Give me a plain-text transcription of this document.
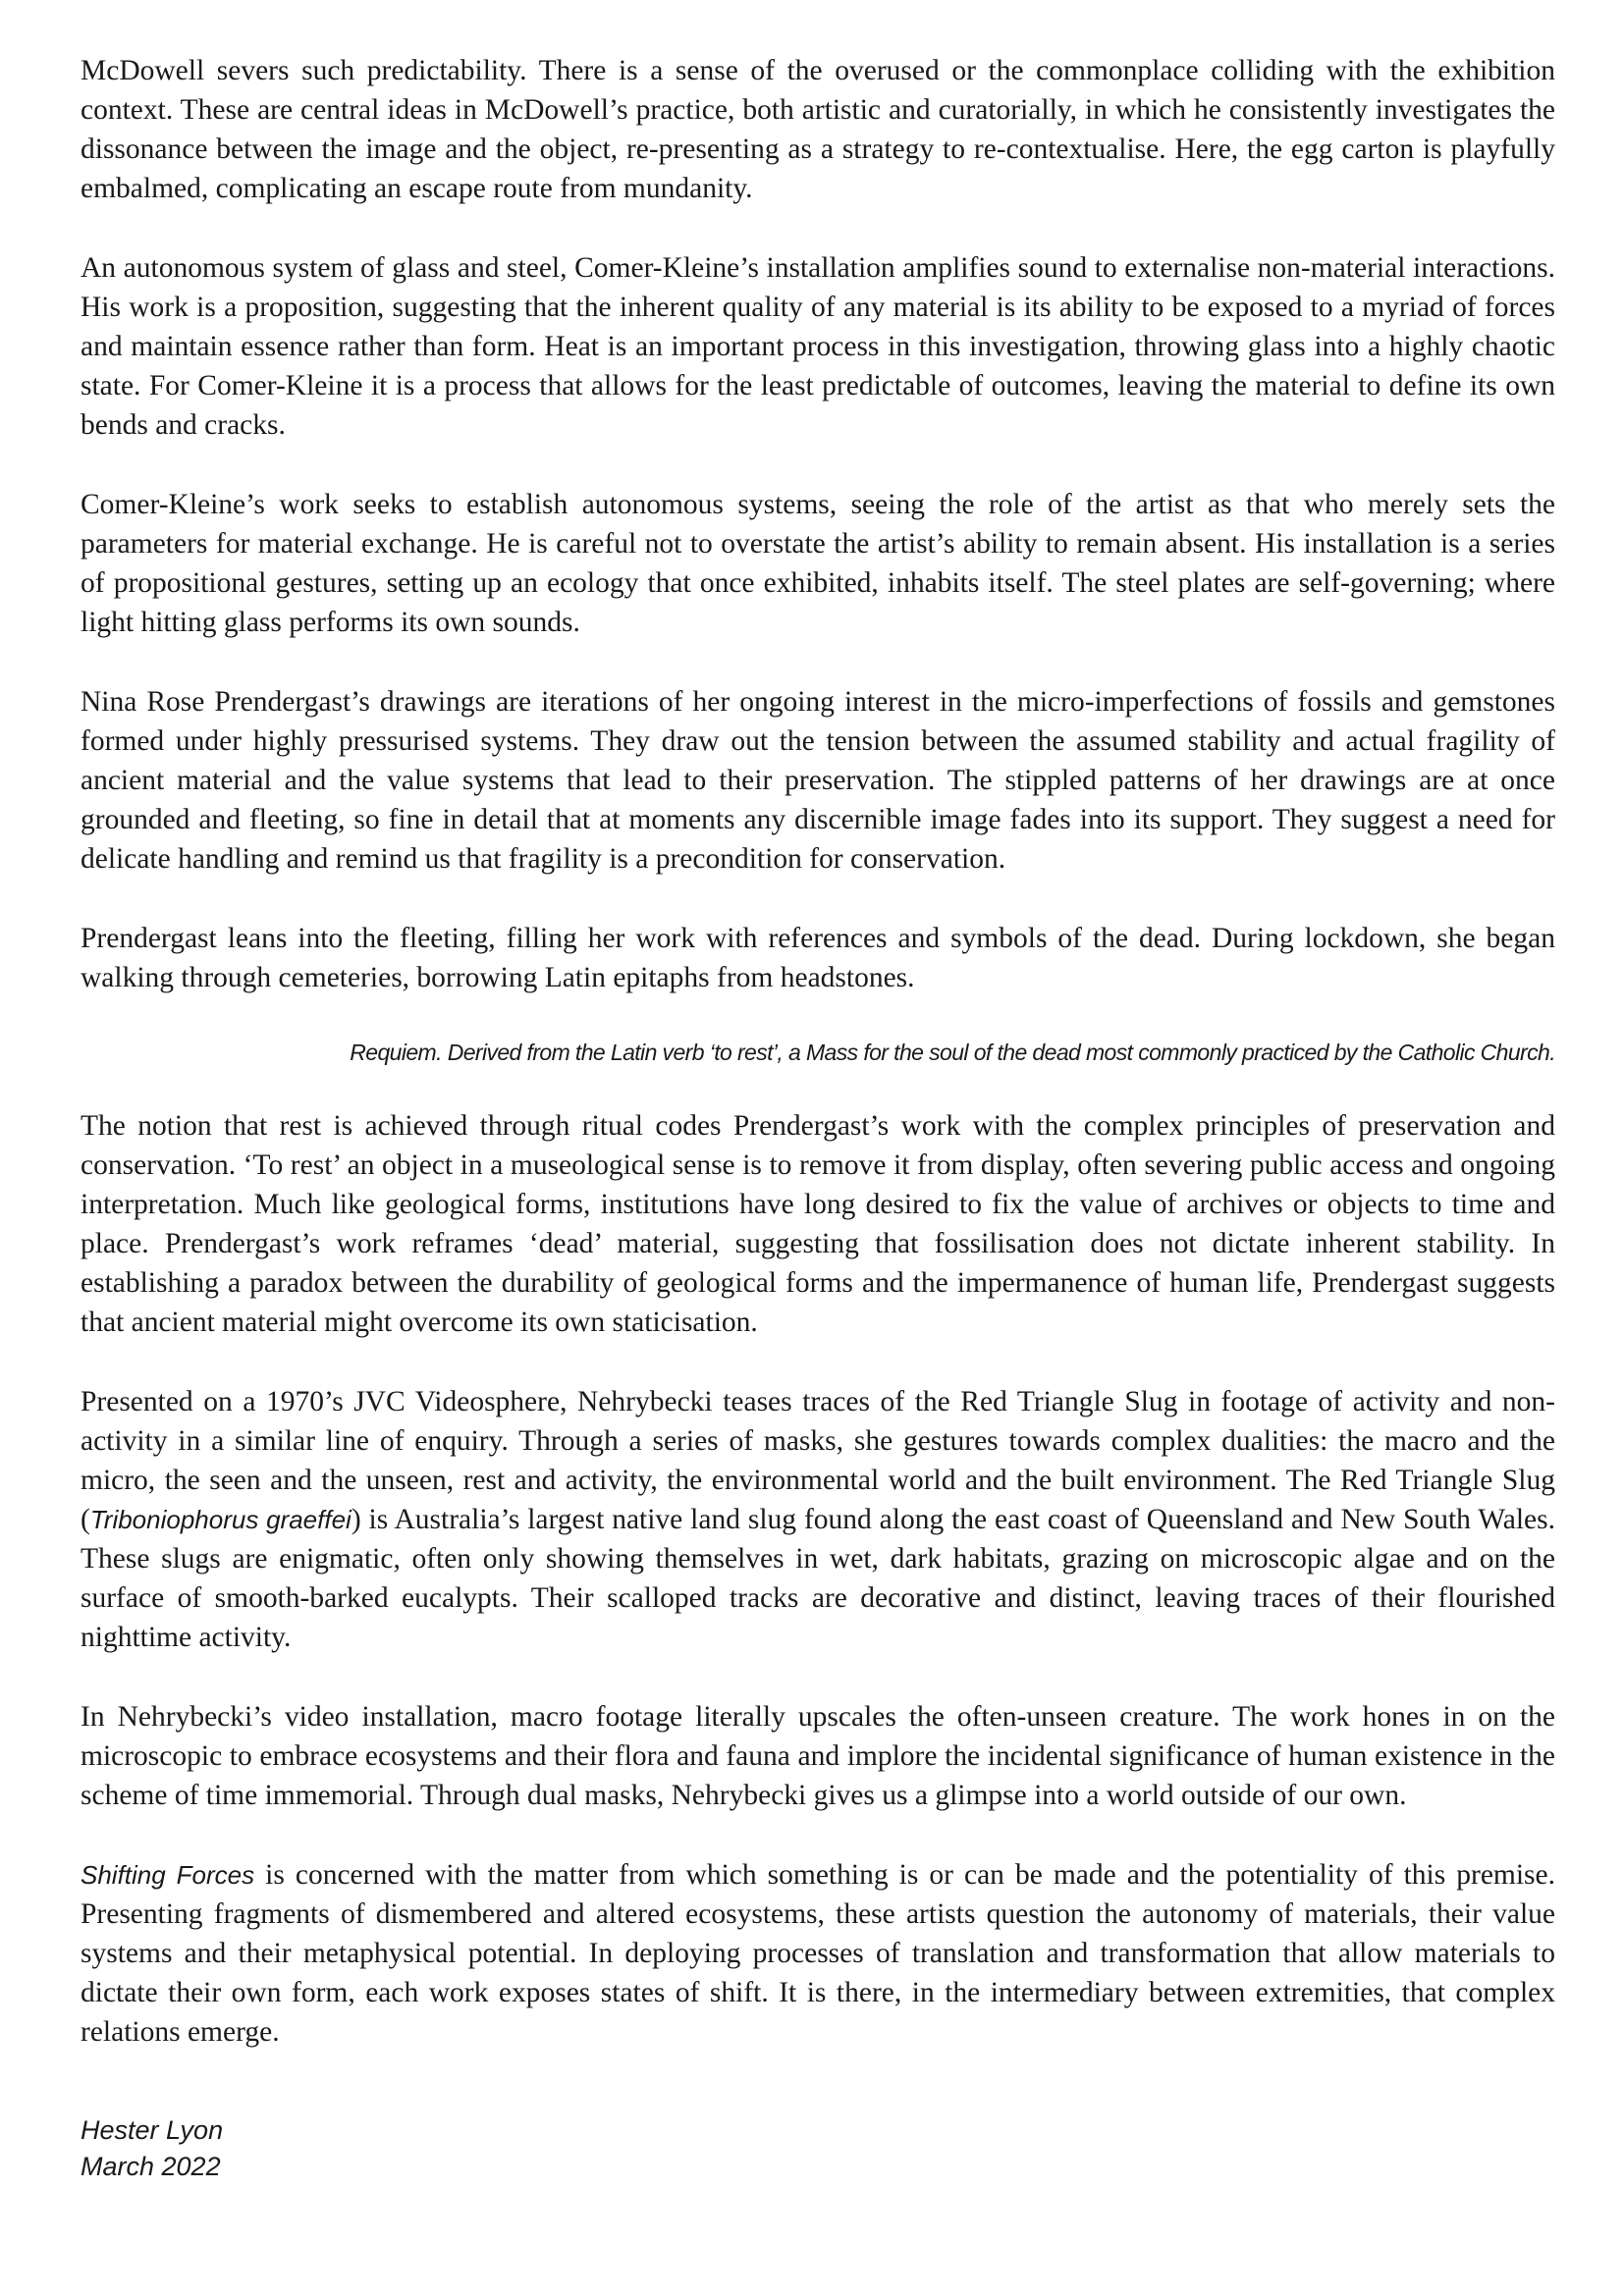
McDowell severs such predictability. There is a sense of the overused or the commonplace colliding with the exhibition context. These are central ideas in McDowell’s practice, both artistic and curatorially, in which he consistently investigates the dissonance between the image and the object, re-presenting as a strategy to re-contextualise. Here, the egg carton is playfully embalmed, complicating an escape route from mundanity.

An autonomous system of glass and steel, Comer-Kleine’s installation amplifies sound to externalise non-material interactions. His work is a proposition, suggesting that the inherent quality of any material is its ability to be exposed to a myriad of forces and maintain essence rather than form. Heat is an important process in this investigation, throwing glass into a highly chaotic state. For Comer-Kleine it is a process that allows for the least predictable of outcomes, leaving the material to define its own bends and cracks.

Comer-Kleine’s work seeks to establish autonomous systems, seeing the role of the artist as that who merely sets the parameters for material exchange. He is careful not to overstate the artist’s ability to remain absent. His installation is a series of propositional gestures, setting up an ecology that once exhibited, inhabits itself. The steel plates are self-governing; where light hitting glass performs its own sounds.

Nina Rose Prendergast’s drawings are iterations of her ongoing interest in the micro-imperfections of fossils and gemstones formed under highly pressurised systems. They draw out the tension between the assumed stability and actual fragility of ancient material and the value systems that lead to their preservation. The stippled patterns of her drawings are at once grounded and fleeting, so fine in detail that at moments any discernible image fades into its support. They suggest a need for delicate handling and remind us that fragility is a precondition for conservation.

Prendergast leans into the fleeting, filling her work with references and symbols of the dead. During lockdown, she began walking through cemeteries, borrowing Latin epitaphs from headstones.

Requiem. Derived from the Latin verb ‘to rest’, a Mass for the soul of the dead most commonly practiced by the Catholic Church.

The notion that rest is achieved through ritual codes Prendergast’s work with the complex principles of preservation and conservation. ‘To rest’ an object in a museological sense is to remove it from display, often severing public access and ongoing interpretation. Much like geological forms, institutions have long desired to fix the value of archives or objects to time and place. Prendergast’s work reframes ‘dead’ material, suggesting that fossilisation does not dictate inherent stability. In establishing a paradox between the durability of geological forms and the impermanence of human life, Prendergast suggests that ancient material might overcome its own staticisation.

Presented on a 1970’s JVC Videosphere, Nehrybecki teases traces of the Red Triangle Slug in footage of activity and non-activity in a similar line of enquiry. Through a series of masks, she gestures towards complex dualities: the macro and the micro, the seen and the unseen, rest and activity, the environmental world and the built environment. The Red Triangle Slug (Triboniophorus graeffei) is Australia’s largest native land slug found along the east coast of Queensland and New South Wales. These slugs are enigmatic, often only showing themselves in wet, dark habitats, grazing on microscopic algae and on the surface of smooth-barked eucalypts. Their scalloped tracks are decorative and distinct, leaving traces of their flourished nighttime activity.

In Nehrybecki’s video installation, macro footage literally upscales the often-unseen creature. The work hones in on the microscopic to embrace ecosystems and their flora and fauna and implore the incidental significance of human existence in the scheme of time immemorial. Through dual masks, Nehrybecki gives us a glimpse into a world outside of our own.

Shifting Forces is concerned with the matter from which something is or can be made and the potentiality of this premise. Presenting fragments of dismembered and altered ecosystems, these artists question the autonomy of materials, their value systems and their metaphysical potential. In deploying processes of translation and transformation that allow materials to dictate their own form, each work exposes states of shift. It is there, in the intermediary between extremities, that complex relations emerge.

Hester Lyon
March 2022
